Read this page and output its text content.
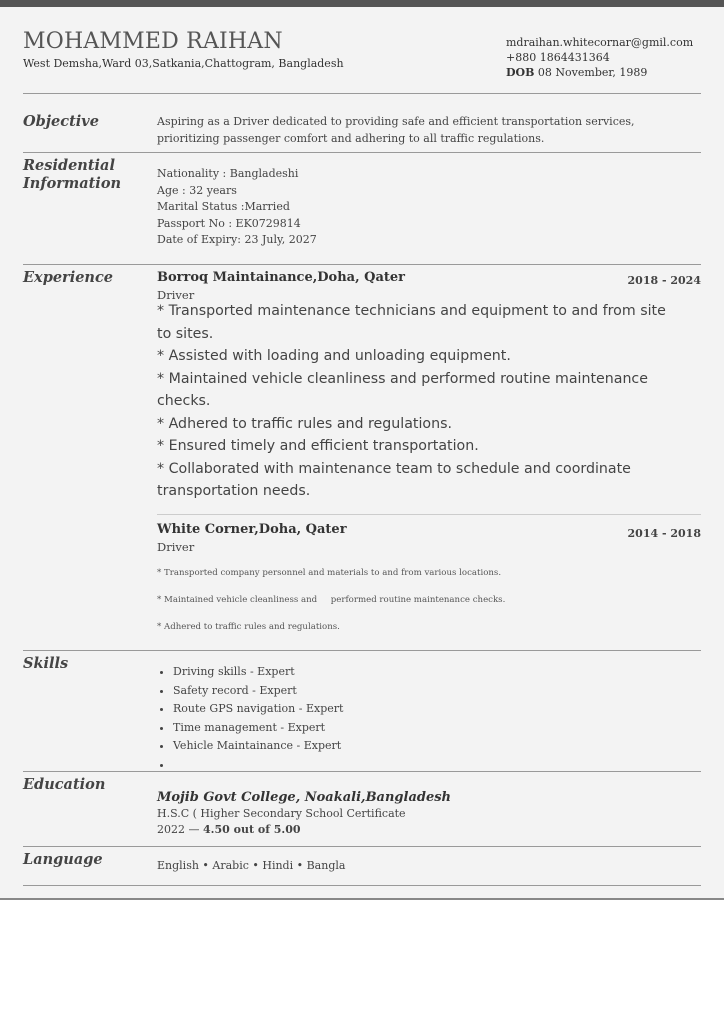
MOHAMMED RAIHAN
West Demsha,Ward 03,Satkania,Chattogram, Bangladesh
mdraihan.whitecornar@gmil.com
+880 1864431364
DOB 08 November, 1989
Objective	Aspiring as a Driver dedicated to providing safe and efficient transportation services,
prioritizing passenger comfort and adhering to all traffic regulations.
Residential
Information
Nationality : Bangladeshi
Age : 32 years
Marital Status :Married
Passport No : EK0729814
Date of Expiry: 23 July, 2027
Experience	Borroq Maintainance,Doha, Qater	2018 - 2024
Driver
* Transported maintenance technicians and equipment to and from site to sites.
* Assisted with loading and unloading equipment.
* Maintained vehicle cleanliness and performed routine maintenance checks.
* Adhered to traffic rules and regulations.
* Ensured timely and efficient transportation.
* Collaborated with maintenance team to schedule and coordinate transportation needs.
White Corner,Doha, Qater	2014 - 2018
Driver
* Transported company personnel and materials to and from various locations.
* Maintained vehicle cleanliness and     performed routine maintenance checks.
* Adhered to traffic rules and regulations.
Skills
•	Driving skills - Expert
• Safety record - Expert
• Route GPS navigation - Expert
• Time management - Expert
• Vehicle Maintainance - Expert
•
Education
Mojib Govt College, Noakali,Bangladesh
H.S.C ( Higher Secondary School Certificate
2022 — 4.50 out of 5.00
Language	English • Arabic • Hindi • Bangla
